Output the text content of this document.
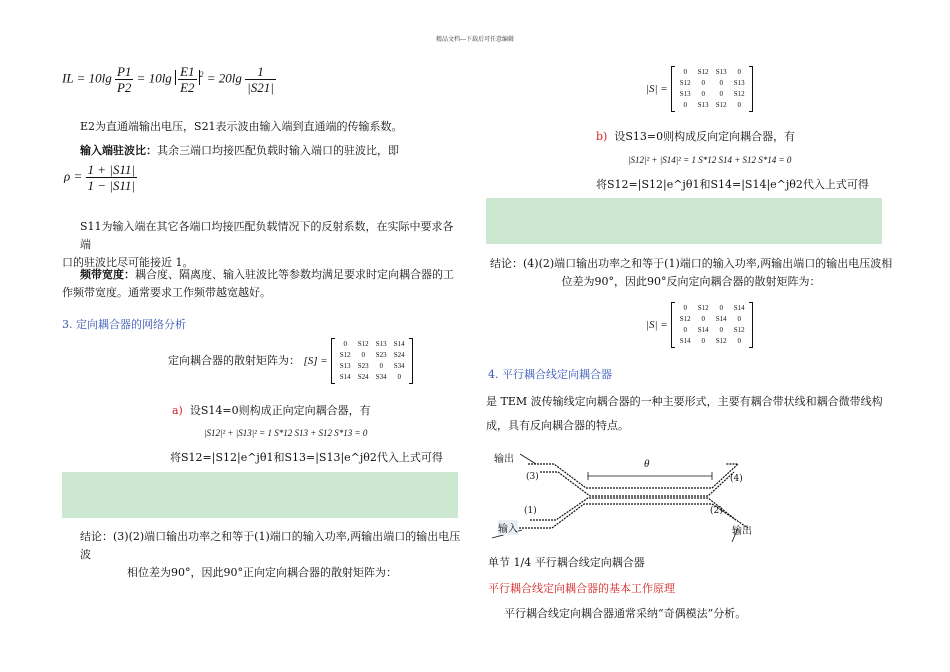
精品文档---下载后可任意编辑
IL = $10\lg \frac{P1}{P2} = 10\lg \frac{E1}{E2} ^2 = 20\lg \frac{1}{|S21|}$
E2为直通端输出电压，S21表示波由输入端到直通端的传输系数。
输入端驻波比：其余三端口均接匹配负载时输入端口的驻波比，即
$\rho = \frac{1 + |S11|}{1 - |S11|}$
S11为输入端在其它各端口均接匹配负载情况下的反射系数，在实际中要求各端
口的驻波比尽可能接近 1。
频带宽度：耦合度、隔离度、输入驻波比等参数均满足要求时定向耦合器的工
作频带宽度。通常要求工作频带越宽越好。
3. 定向耦合器的网络分析
定向耦合器的散射矩阵为： [S] =
0	S12	S13	S14
S12	0	S23	S24
S13	S23	0	S34
S14	S24	S34	0
a) 设S14=0则构成正向定向耦合器，有
|S12|² + |S13|² = 1 S*12 S13 + S12 S*13 = 0
将S12=|S12|e^jθ1和S13=|S13|e^jθ2代入上式可得
结论：(3)(2)端口输出功率之和等于(1)端口的输入功率,两输出端口的输出电压波
相位差为90°，因此90°正向定向耦合器的散射矩阵为：
|S| =
0	S12	S13	0
S12	0	0	S13
S13	0	0	S12
0	S13	S12	0
b) 设S13=0则构成反向定向耦合器，有
|S12|² + |S14|² = 1 S*12 S14 + S12 S*14 = 0
将S12=|S12|e^jθ1和S14=|S14|e^jθ2代入上式可得
结论：(4)(2)端口输出功率之和等于(1)端口的输入功率,两输出端口的输出电压波相
位差为90°，因此90°反向定向耦合器的散射矩阵为：
|S| =
0	S12	0	S14
S12	0	S14	0
0	S14	0	S12
S14	0	S12	0
4. 平行耦合线定向耦合器
是 TEM 波传输线定向耦合器的一种主要形式，主要有耦合带状线和耦合微带线构
成，具有反向耦合器的特点。
输出	θ
(3)	(4)
(1)	(2)
输入	输出
单节 1/4 平行耦合线定向耦合器
平行耦合线定向耦合器的基本工作原理
平行耦合线定向耦合器通常采纳“奇偶模法”分析。
